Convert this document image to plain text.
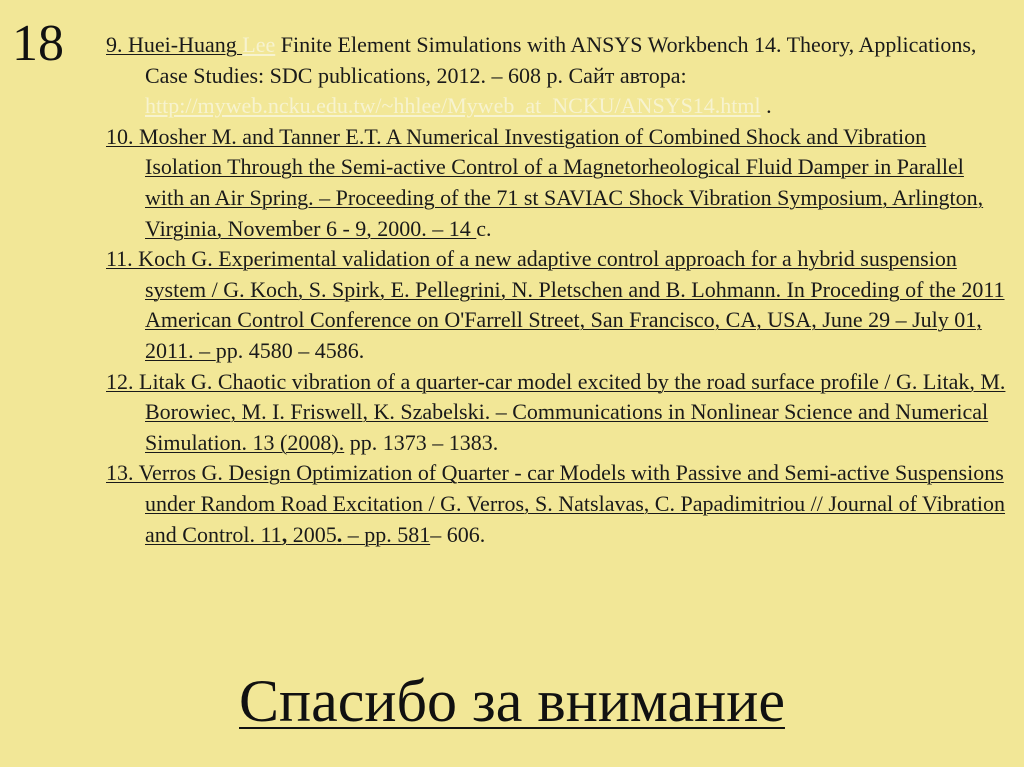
18 9. Huei-Huang Lee Finite Element Simulations with ANSYS Workbench 14. Theory, Applications, Case Studies: SDC publications, 2012. – 608 р. Сайт автора: http://myweb.ncku.edu.tw/~hhlee/Myweb_at_NCKU/ANSYS14.html .
10. Mosher M. and Tanner E.T. A Numerical Investigation of Combined Shock and Vibration Isolation Through the Semi-active Control of a Magnetorheological Fluid Damper in Parallel with an Air Spring. – Proceeding of the 71 st SAVIAC Shock Vibration Symposium, Arlington, Virginia, November 6 - 9, 2000. – 14 с.
11. Koch G. Experimental validation of a new adaptive control approach for a hybrid suspension system / G. Koch, S. Spirk, E. Pellegrini, N. Pletschen and B. Lohmann. In Proceding of the 2011 American Control Conference on O'Farrell Street, San Francisco, CA, USA, June 29 – July 01, 2011. – pp. 4580 – 4586.
12. Litak G. Chaotic vibration of a quarter-car model excited by the road surface profile / G. Litak, M. Borowiec, M. I. Friswell, K. Szabelski. – Communications in Nonlinear Science and Numerical Simulation. 13 (2008). pp. 1373 – 1383.
13. Verros G. Design Optimization of Quarter - car Models with Passive and Semi-active Suspensions under Random Road Excitation / G. Verros, S. Natslavas, C. Papadimitriou // Journal of Vibration and Control. 11, 2005. – pp. 581– 606.
Спасибо за внимание
